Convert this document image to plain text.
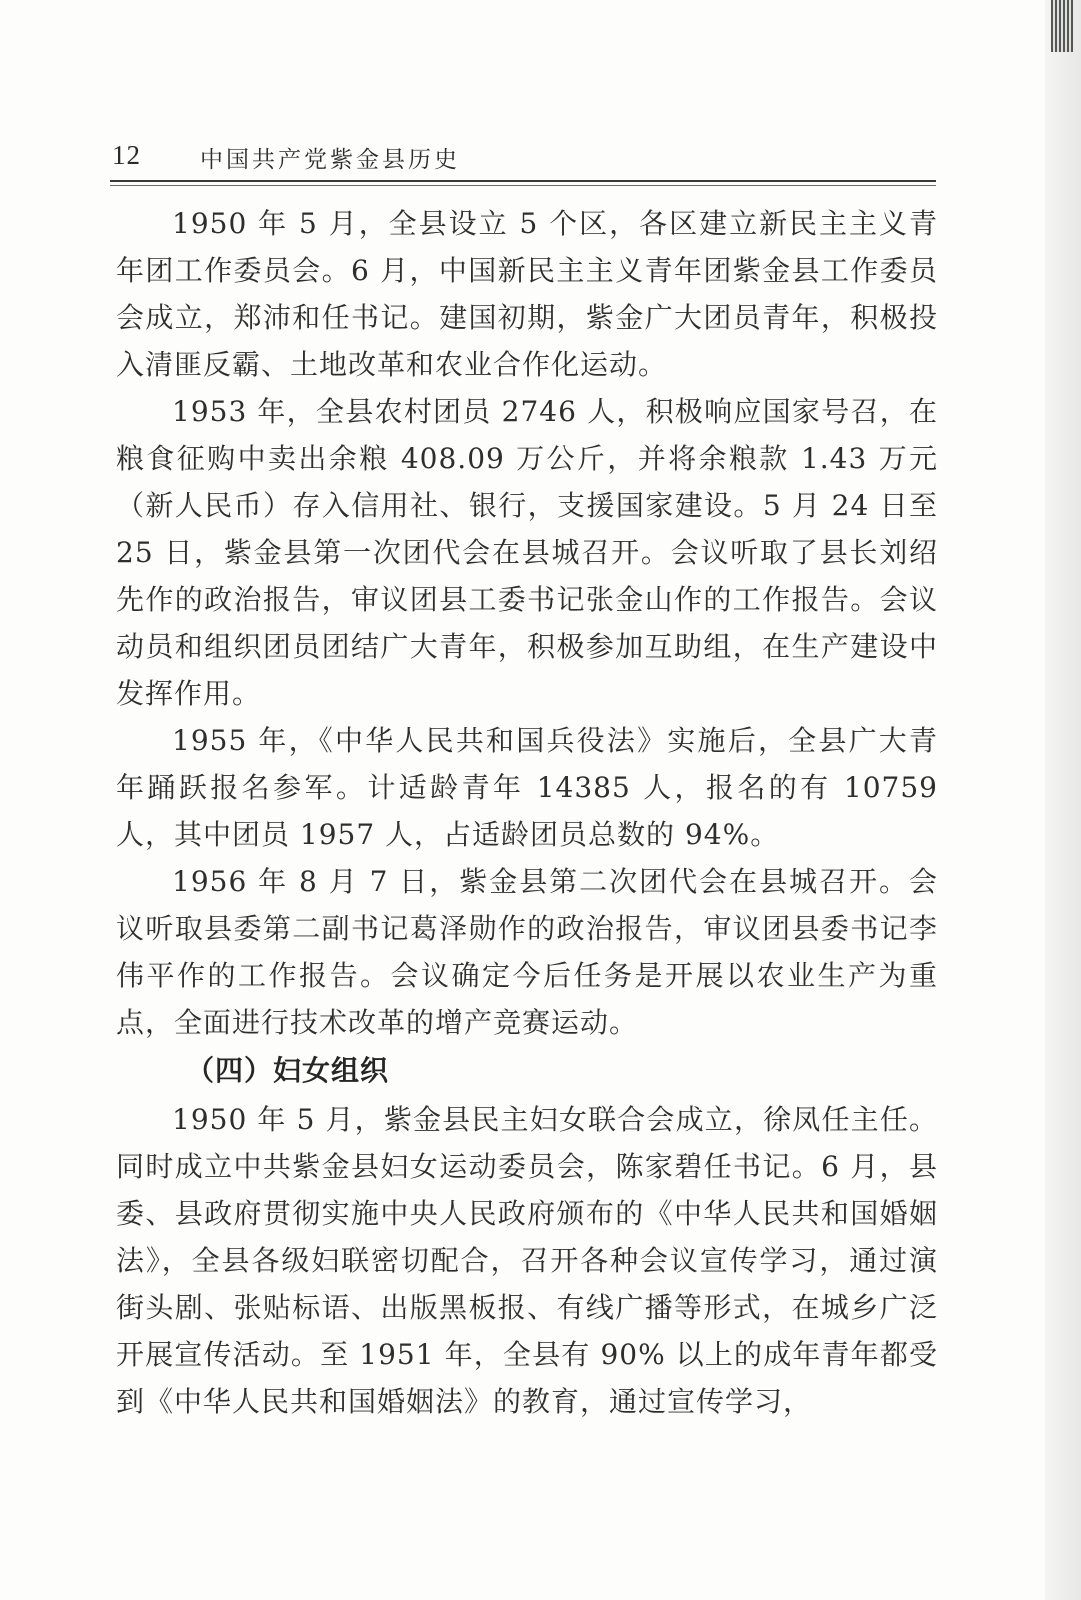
12	中国共产党紫金县历史

1950 年 5 月，全县设立 5 个区，各区建立新民主主义青年团工作委员会。6 月，中国新民主主义青年团紫金县工作委员会成立，郑沛和任书记。建国初期，紫金广大团员青年，积极投入清匪反霸、土地改革和农业合作化运动。

1953 年，全县农村团员 2746 人，积极响应国家号召，在粮食征购中卖出余粮 408.09 万公斤，并将余粮款 1.43 万元（新人民币）存入信用社、银行，支援国家建设。5 月 24 日至 25 日，紫金县第一次团代会在县城召开。会议听取了县长刘绍先作的政治报告，审议团县工委书记张金山作的工作报告。会议动员和组织团员团结广大青年，积极参加互助组，在生产建设中发挥作用。

1955 年，《中华人民共和国兵役法》实施后，全县广大青年踊跃报名参军。计适龄青年 14385 人，报名的有 10759 人，其中团员 1957 人，占适龄团员总数的 94%。

1956 年 8 月 7 日，紫金县第二次团代会在县城召开。会议听取县委第二副书记葛泽勋作的政治报告，审议团县委书记李伟平作的工作报告。会议确定今后任务是开展以农业生产为重点，全面进行技术改革的增产竞赛运动。

（四）妇女组织

1950 年 5 月，紫金县民主妇女联合会成立，徐凤任主任。同时成立中共紫金县妇女运动委员会，陈家碧任书记。6 月，县委、县政府贯彻实施中央人民政府颁布的《中华人民共和国婚姻法》，全县各级妇联密切配合，召开各种会议宣传学习，通过演街头剧、张贴标语、出版黑板报、有线广播等形式，在城乡广泛开展宣传活动。至 1951 年，全县有 90% 以上的成年青年都受到《中华人民共和国婚姻法》的教育，通过宣传学习，
